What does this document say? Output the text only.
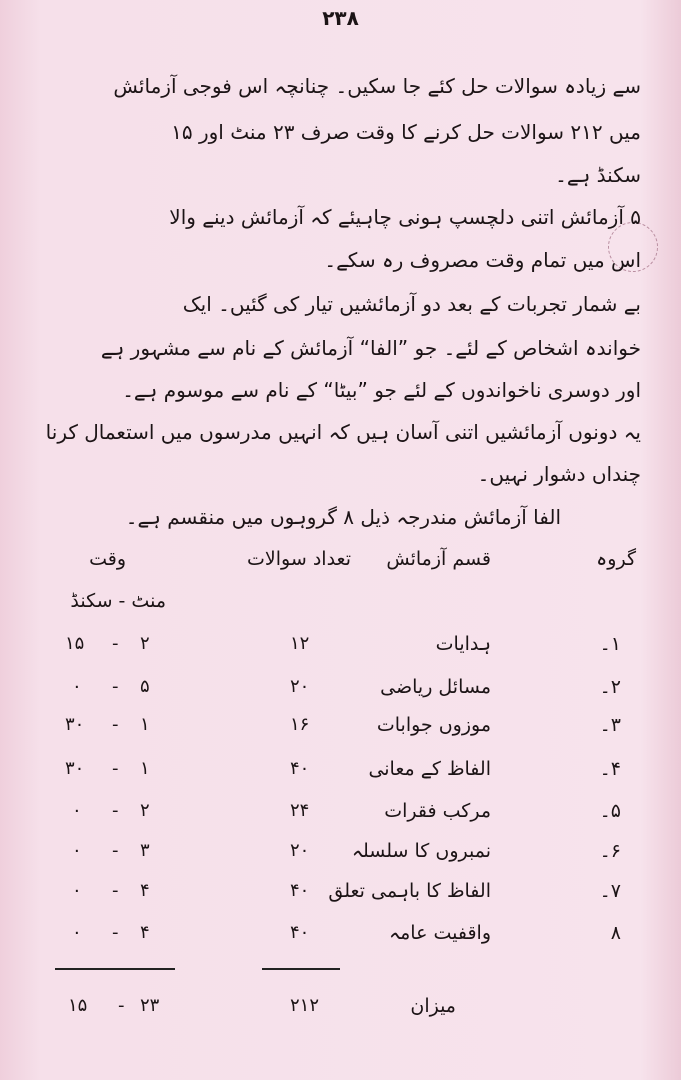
۲۳۸
سے زیادہ سوالات حل کئے جا سکیں۔ چنانچہ اس فوجی آزمائش
میں ۲۱۲ سوالات حل کرنے کا وقت صرف ۲۳ منٹ اور ۱۵
سکنڈ ہے۔
۵ آزمائش اتنی دلچسپ ہونی چاہیئے کہ آزمائش دینے والا
اس میں تمام وقت مصروف رہ سکے۔
بے شمار تجربات کے بعد دو آزمائشیں تیار کی گئیں۔ ایک
خواندہ اشخاص کے لئے۔ جو ”الفا“ آزمائش کے نام سے مشہور ہے
اور دوسری ناخواندوں کے لئے جو ”بیٹا“ کے نام سے موسوم ہے۔
یہ دونوں آزمائشیں اتنی آسان ہیں کہ انہیں مدرسوں میں استعمال کرنا
چنداں دشوار نہیں۔
الفا آزمائش مندرجہ ذیل ۸ گروہوں میں منقسم ہے۔
گروہ
قسم آزمائش
تعداد سوالات
وقت
منٹ - سکنڈ
۱۔
ہدایات
۱۲
۲
-
۱۵
۲۔
مسائل ریاضی
۲۰
۵
-
۰
۳۔
موزوں جوابات
۱۶
۱
-
۳۰
۴۔
الفاظ کے معانی
۴۰
۱
-
۳۰
۵۔
مرکب فقرات
۲۴
۲
-
۰
۶۔
نمبروں کا سلسلہ
۲۰
۳
-
۰
۷۔
الفاظ کا باہمی تعلق
۴۰
۴
-
۰
۸
واقفیت عامہ
۴۰
۴
-
۰
میزان
۲۱۲
۲۳
-
۱۵
